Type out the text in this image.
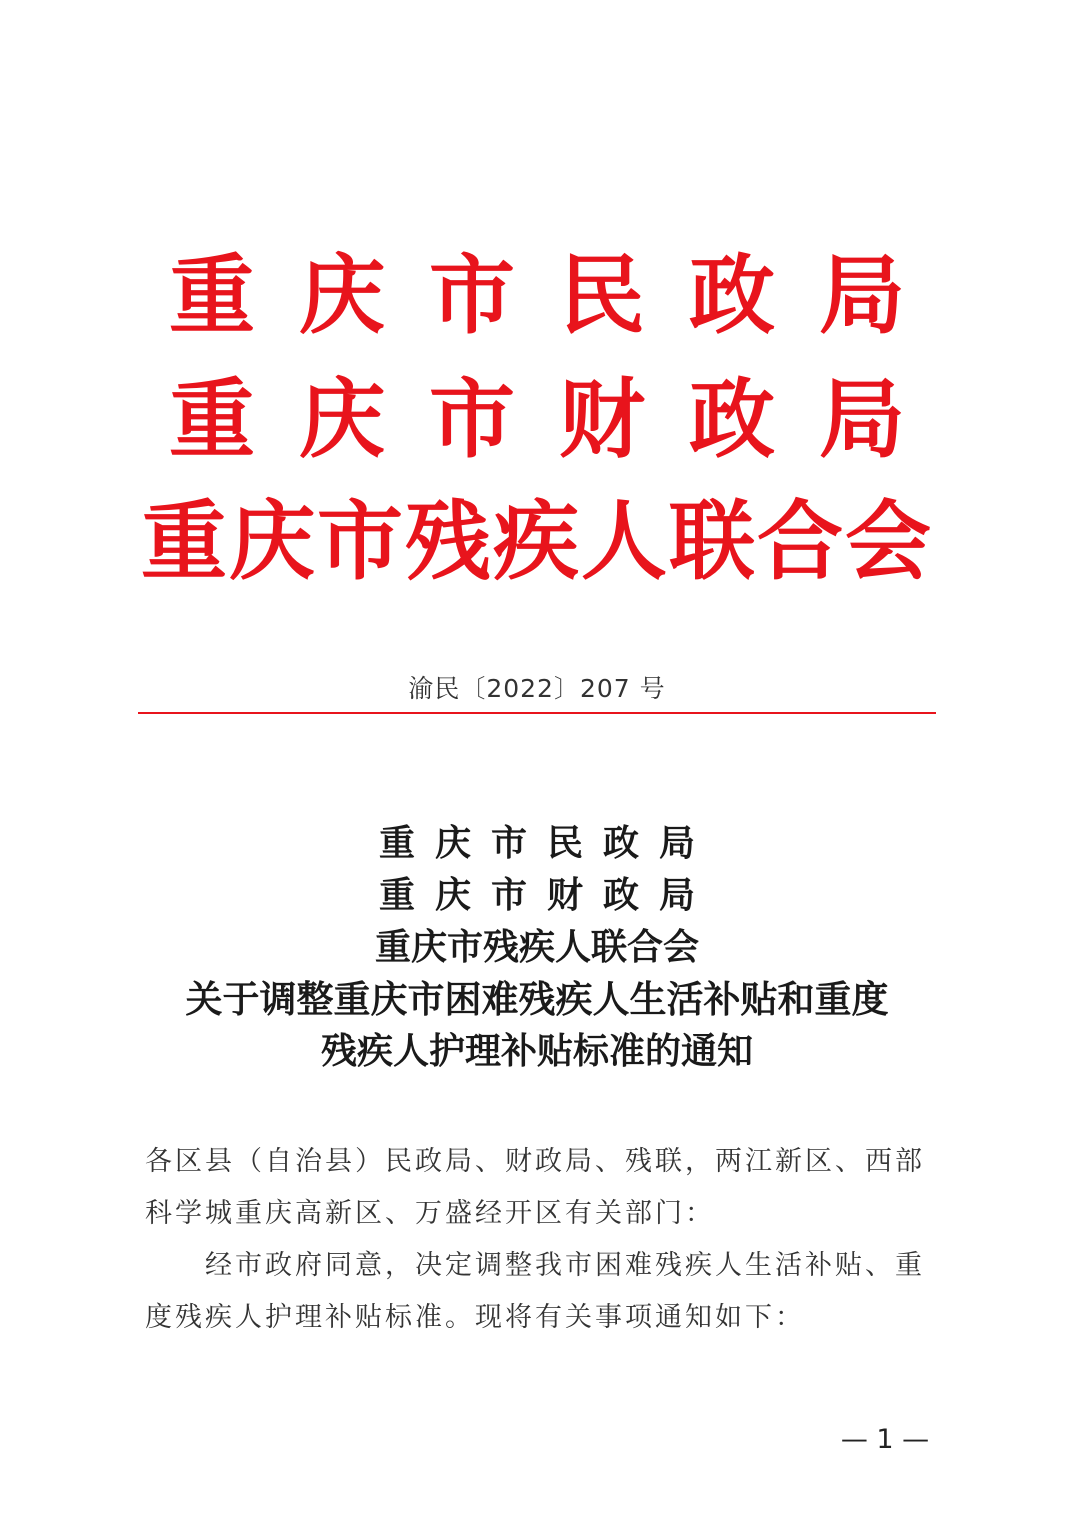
重庆市民政局
重庆市财政局
重庆市残疾人联合会
渝民〔2022〕207 号
重庆市民政局
重庆市财政局
重庆市残疾人联合会
关于调整重庆市困难残疾人生活补贴和重度
残疾人护理补贴标准的通知
各区县（自治县）民政局、财政局、残联，两江新区、西部科学城重庆高新区、万盛经开区有关部门：
经市政府同意，决定调整我市困难残疾人生活补贴、重度残疾人护理补贴标准。现将有关事项通知如下：
— 1 —
